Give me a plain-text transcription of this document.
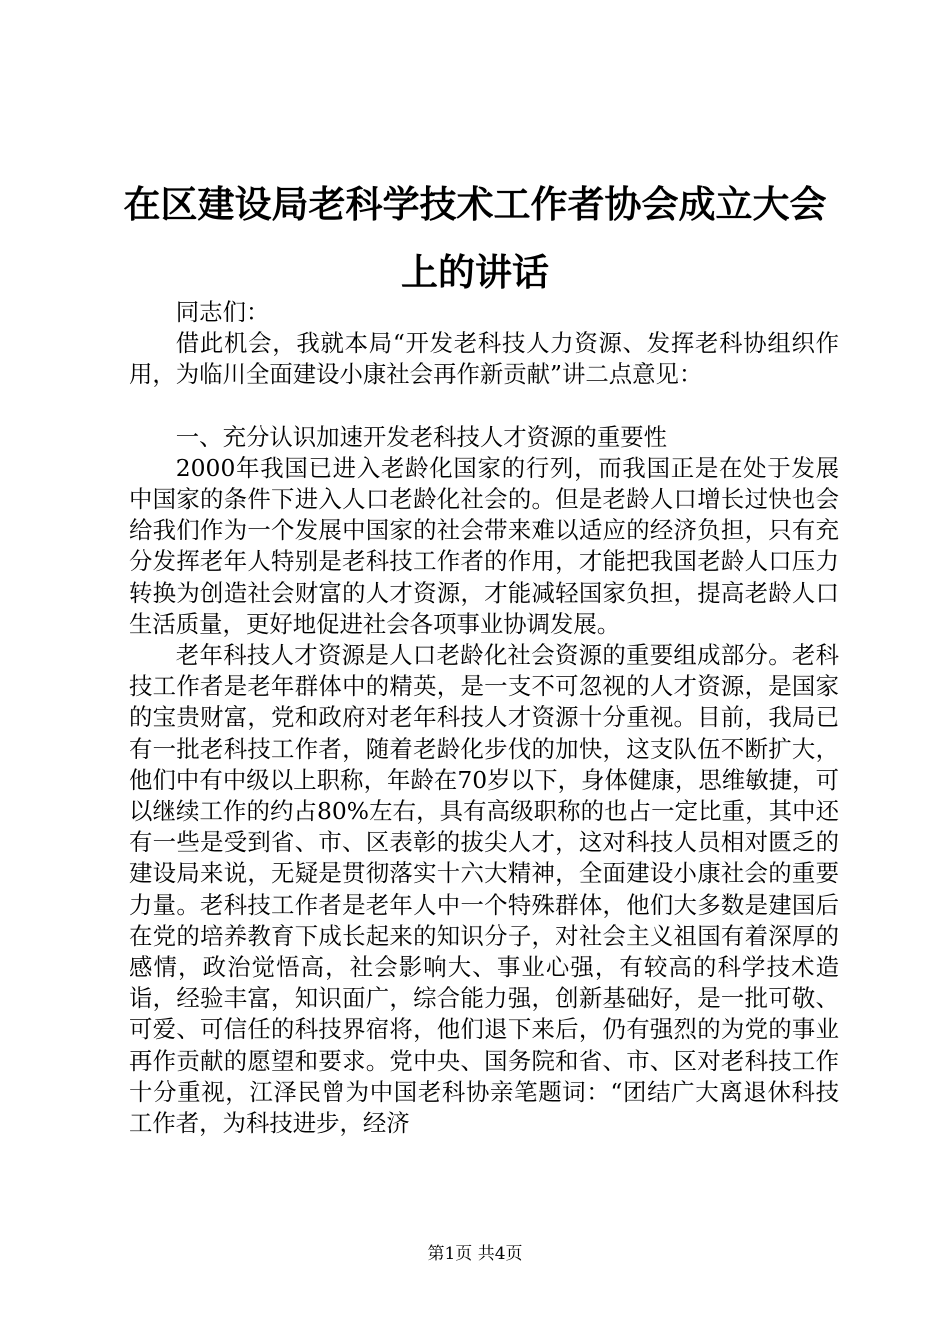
在区建设局老科学技术工作者协会成立大会上的讲话

同志们：

借此机会，我就本局“开发老科技人力资源、发挥老科协组织作用，为临川全面建设小康社会再作新贡献”讲二点意见：

一、充分认识加速开发老科技人才资源的重要性

2000年我国已进入老龄化国家的行列，而我国正是在处于发展中国家的条件下进入人口老龄化社会的。但是老龄人口增长过快也会给我们作为一个发展中国家的社会带来难以适应的经济负担，只有充分发挥老年人特别是老科技工作者的作用，才能把我国老龄人口压力转换为创造社会财富的人才资源，才能减轻国家负担，提高老龄人口生活质量，更好地促进社会各项事业协调发展。

老年科技人才资源是人口老龄化社会资源的重要组成部分。老科技工作者是老年群体中的精英，是一支不可忽视的人才资源，是国家的宝贵财富，党和政府对老年科技人才资源十分重视。目前，我局已有一批老科技工作者，随着老龄化步伐的加快，这支队伍不断扩大，他们中有中级以上职称，年龄在70岁以下，身体健康，思维敏捷，可以继续工作的约占80%左右，具有高级职称的也占一定比重，其中还有一些是受到省、市、区表彰的拔尖人才，这对科技人员相对匮乏的建设局来说，无疑是贯彻落实十六大精神，全面建设小康社会的重要力量。老科技工作者是老年人中一个特殊群体，他们大多数是建国后在党的培养教育下成长起来的知识分子，对社会主义祖国有着深厚的感情，政治觉悟高，社会影响大、事业心强，有较高的科学技术造诣，经验丰富，知识面广，综合能力强，创新基础好，是一批可敬、可爱、可信任的科技界宿将，他们退下来后，仍有强烈的为党的事业再作贡献的愿望和要求。党中央、国务院和省、市、区对老科技工作十分重视，江泽民曾为中国老科协亲笔题词：“团结广大离退休科技工作者，为科技进步，经济

第1页 共4页
